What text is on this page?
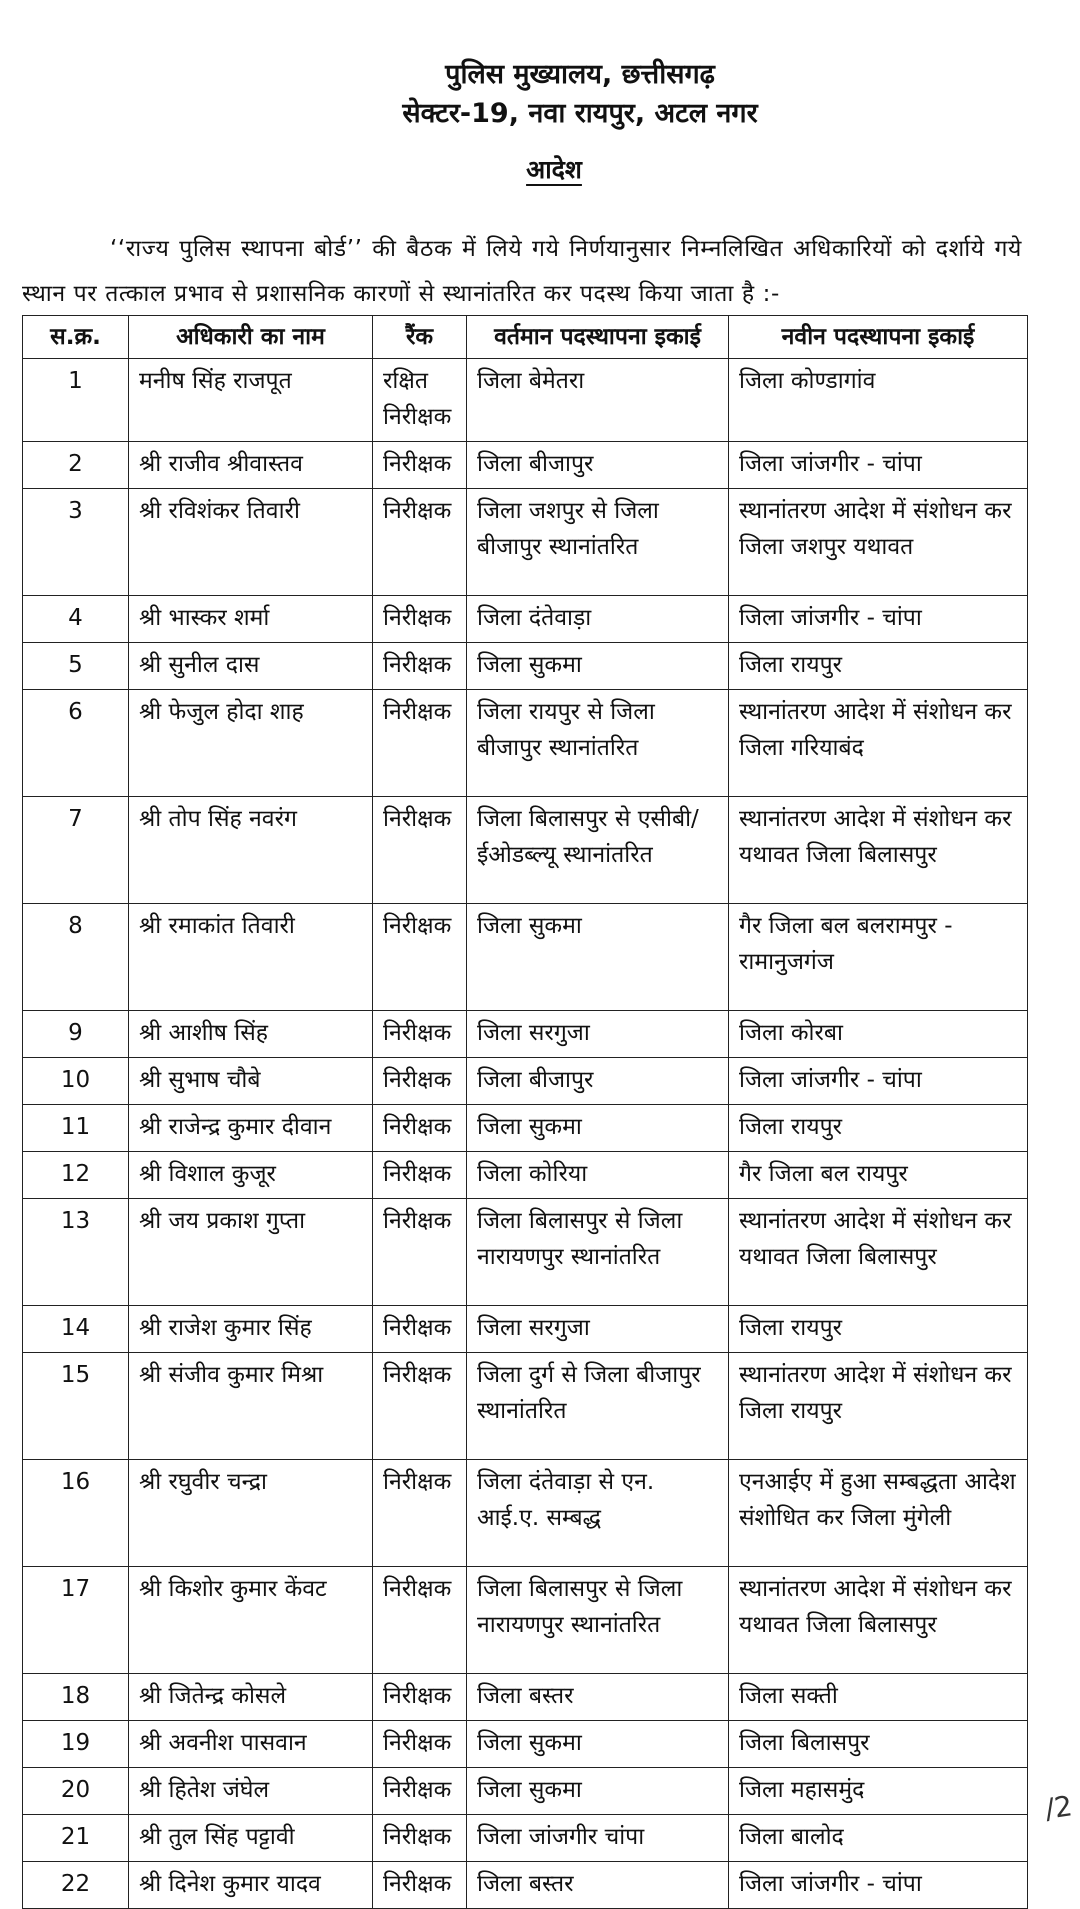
पुलिस मुख्यालय, छत्तीसगढ़
सेक्टर-19, नवा रायपुर, अटल नगर
आदेश

‘‘राज्य पुलिस स्थापना बोर्ड’’ की बैठक में लिये गये निर्णयानुसार निम्नलिखित अधिकारियों को दर्शाये गये स्थान पर तत्काल प्रभाव से प्रशासनिक कारणों से स्थानांतरित कर पदस्थ किया जाता है :-

स.क्र.	अधिकारी का नाम	रैंक	वर्तमान पदस्थापना इकाई	नवीन पदस्थापना इकाई
1	मनीष सिंह राजपूत	रक्षित निरीक्षक	जिला बेमेतरा	जिला कोण्डागांव
2	श्री राजीव श्रीवास्तव	निरीक्षक	जिला बीजापुर	जिला जांजगीर - चांपा
3	श्री रविशंकर तिवारी	निरीक्षक	जिला जशपुर से जिला बीजापुर स्थानांतरित	स्थानांतरण आदेश में संशोधन कर जिला जशपुर यथावत
4	श्री भास्कर शर्मा	निरीक्षक	जिला दंतेवाड़ा	जिला जांजगीर - चांपा
5	श्री सुनील दास	निरीक्षक	जिला सुकमा	जिला रायपुर
6	श्री फेजुल होदा शाह	निरीक्षक	जिला रायपुर से जिला बीजापुर स्थानांतरित	स्थानांतरण आदेश में संशोधन कर जिला गरियाबंद
7	श्री तोप सिंह नवरंग	निरीक्षक	जिला बिलासपुर से एसीबी/ईओडब्ल्यू स्थानांतरित	स्थानांतरण आदेश में संशोधन कर यथावत जिला बिलासपुर
8	श्री रमाकांत तिवारी	निरीक्षक	जिला सुकमा	गैर जिला बल बलरामपुर - रामानुजगंज
9	श्री आशीष सिंह	निरीक्षक	जिला सरगुजा	जिला कोरबा
10	श्री सुभाष चौबे	निरीक्षक	जिला बीजापुर	जिला जांजगीर - चांपा
11	श्री राजेन्द्र कुमार दीवान	निरीक्षक	जिला सुकमा	जिला रायपुर
12	श्री विशाल कुजूर	निरीक्षक	जिला कोरिया	गैर जिला बल रायपुर
13	श्री जय प्रकाश गुप्ता	निरीक्षक	जिला बिलासपुर से जिला नारायणपुर स्थानांतरित	स्थानांतरण आदेश में संशोधन कर यथावत जिला बिलासपुर
14	श्री राजेश कुमार सिंह	निरीक्षक	जिला सरगुजा	जिला रायपुर
15	श्री संजीव कुमार मिश्रा	निरीक्षक	जिला दुर्ग से जिला बीजापुर स्थानांतरित	स्थानांतरण आदेश में संशोधन कर जिला रायपुर
16	श्री रघुवीर चन्द्रा	निरीक्षक	जिला दंतेवाड़ा से एन. आई.ए. सम्बद्ध	एनआईए में हुआ सम्बद्धता आदेश संशोधित कर जिला मुंगेली
17	श्री किशोर कुमार केंवट	निरीक्षक	जिला बिलासपुर से जिला नारायणपुर स्थानांतरित	स्थानांतरण आदेश में संशोधन कर यथावत जिला बिलासपुर
18	श्री जितेन्द्र कोसले	निरीक्षक	जिला बस्तर	जिला सक्ती
19	श्री अवनीश पासवान	निरीक्षक	जिला सुकमा	जिला बिलासपुर
20	श्री हितेश जंघेल	निरीक्षक	जिला सुकमा	जिला महासमुंद
21	श्री तुल सिंह पट्टावी	निरीक्षक	जिला जांजगीर चांपा	जिला बालोद
22	श्री दिनेश कुमार यादव	निरीक्षक	जिला बस्तर	जिला जांजगीर - चांपा
/2
